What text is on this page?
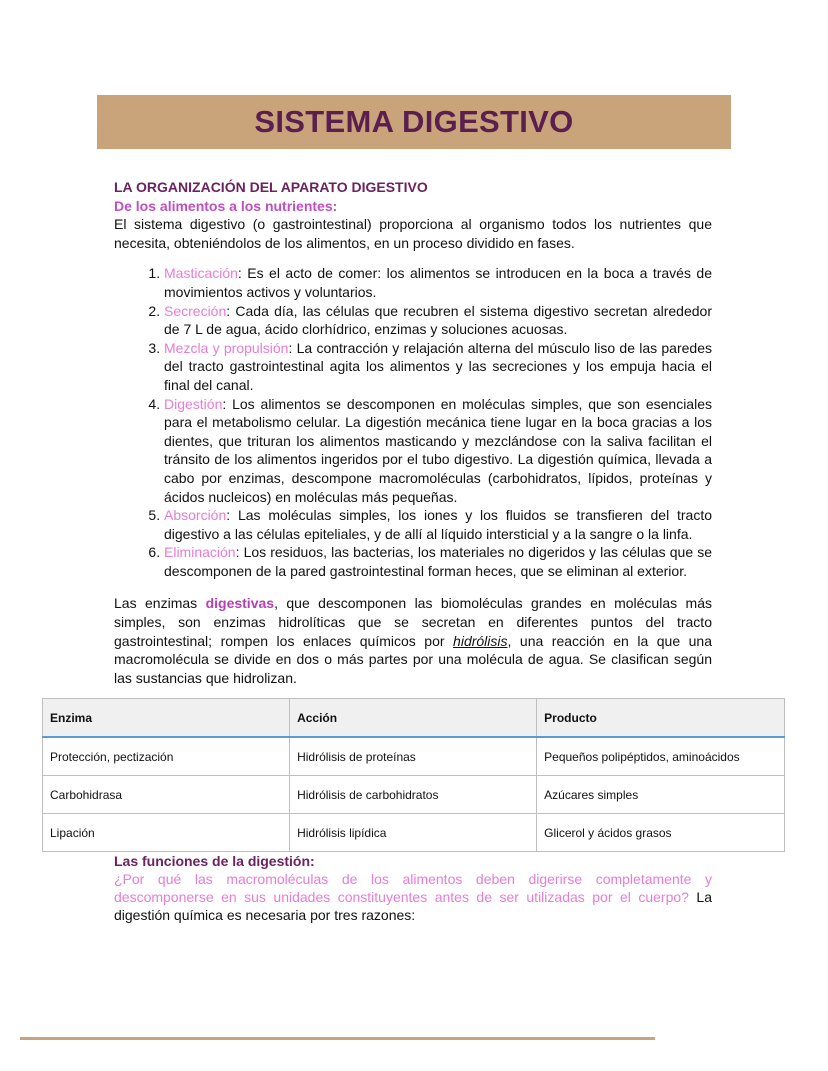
SISTEMA DIGESTIVO
LA ORGANIZACIÓN DEL APARATO DIGESTIVO
De los alimentos a los nutrientes:

El sistema digestivo (o gastrointestinal) proporciona al organismo todos los nutrientes que necesita, obteniéndolos de los alimentos, en un proceso dividido en fases.

1. Masticación: Es el acto de comer: los alimentos se introducen en la boca a través de movimientos activos y voluntarios.
2. Secreción: Cada día, las células que recubren el sistema digestivo secretan alrededor de 7 L de agua, ácido clorhídrico, enzimas y soluciones acuosas.
3. Mezcla y propulsión: La contracción y relajación alterna del músculo liso de las paredes del tracto gastrointestinal agita los alimentos y las secreciones y los empuja hacia el final del canal.
4. Digestión: Los alimentos se descomponen en moléculas simples, que son esenciales para el metabolismo celular. La digestión mecánica tiene lugar en la boca gracias a los dientes, que trituran los alimentos masticando y mezclándose con la saliva facilitan el tránsito de los alimentos ingeridos por el tubo digestivo. La digestión química, llevada a cabo por enzimas, descompone macromoléculas (carbohidratos, lípidos, proteínas y ácidos nucleicos) en moléculas más pequeñas.
5. Absorción: Las moléculas simples, los iones y los fluidos se transfieren del tracto digestivo a las células epiteliales, y de allí al líquido intersticial y a la sangre o la linfa.
6. Eliminación: Los residuos, las bacterias, los materiales no digeridos y las células que se descomponen de la pared gastrointestinal forman heces, que se eliminan al exterior.

Las enzimas digestivas, que descomponen las biomoléculas grandes en moléculas más simples, son enzimas hidrolíticas que se secretan en diferentes puntos del tracto gastrointestinal; rompen los enlaces químicos por hidrólisis, una reacción en la que una macromolécula se divide en dos o más partes por una molécula de agua. Se clasifican según las sustancias que hidrolizan.

Enzima	Acción	Producto
Protección, pectización	Hidrólisis de proteínas	Pequeños polipéptidos, aminoácidos
Carbohidrasa	Hidrólisis de carbohidratos	Azúcares simples
Lipación	Hidrólisis lipídica	Glicerol y ácidos grasos
Las funciones de la digestión:

¿Por qué las macromoléculas de los alimentos deben digerirse completamente y descomponerse en sus unidades constituyentes antes de ser utilizadas por el cuerpo? La digestión química es necesaria por tres razones:
